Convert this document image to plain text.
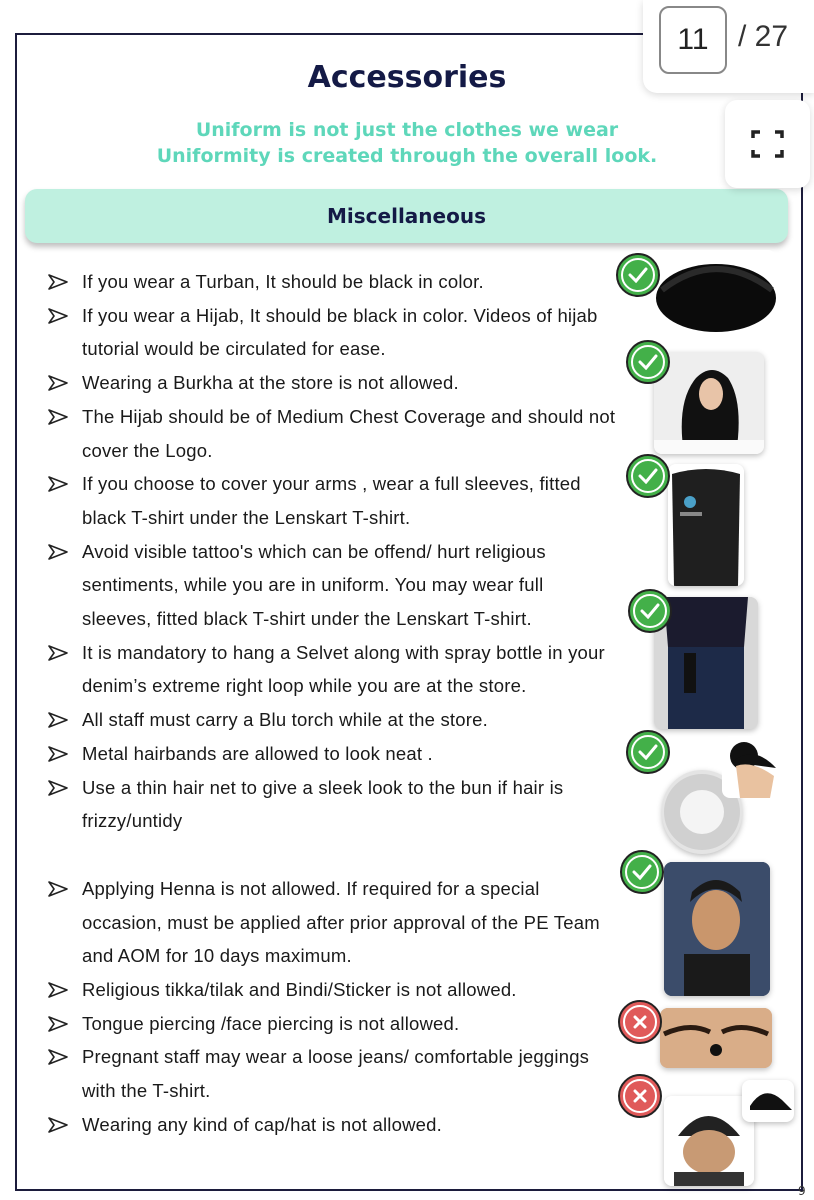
Accessories
Uniform is not just the clothes we wear
Uniformity is created through the overall look.
Miscellaneous
If you wear a Turban, It should be black in color.
If you wear a Hijab, It should be black in color. Videos of hijab tutorial would be circulated for ease.
Wearing a Burkha at the store is not allowed.
The Hijab should be of Medium Chest Coverage and should not cover the Logo.
If you choose to cover your arms , wear a full sleeves, fitted black T-shirt under the Lenskart T-shirt.
Avoid visible tattoo's which can be offend/ hurt religious sentiments, while you are in uniform. You may wear full sleeves, fitted black T-shirt under the Lenskart T-shirt.
It is mandatory to hang a Selvet along with spray bottle in your denim’s extreme right loop while you are at the store.
All staff must carry a Blu torch while at the store.
Metal hairbands are allowed to look neat .
Use a thin hair net to give a sleek look to the bun if hair is frizzy/untidy
Applying Henna is not allowed. If required for a special occasion, must be applied after prior approval of the PE Team and AOM for 10 days maximum.
Religious tikka/tilak and Bindi/Sticker is not allowed.
Tongue piercing /face piercing is not allowed.
Pregnant staff may wear a loose jeans/ comfortable jeggings with the T-shirt.
Wearing any kind of cap/hat is not allowed.
9
11 / 27
